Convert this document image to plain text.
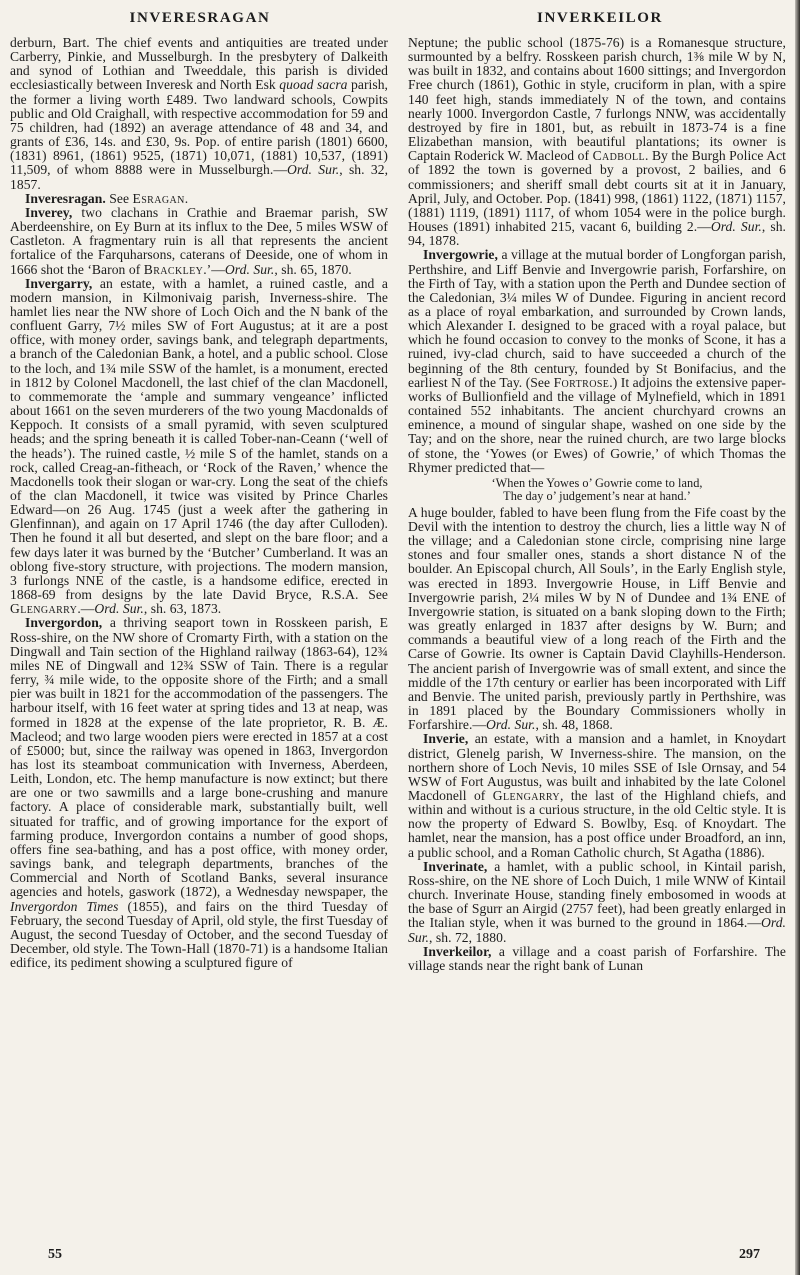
INVERESRAGAN	INVERKEILOR

derburn, Bart. The chief events and antiquities are treated under Carberry, Pinkie, and Musselburgh. In the presbytery of Dalkeith and synod of Lothian and Tweeddale, this parish is divided ecclesiastically between Inveresk and North Esk quoad sacra parish, the former a living worth £489. Two landward schools, Cowpits public and Old Craighall, with respective accommodation for 59 and 75 children, had (1892) an average attendance of 48 and 34, and grants of £36, 14s. and £30, 9s. Pop. of entire parish (1801) 6600, (1831) 8961, (1861) 9525, (1871) 10,071, (1881) 10,537, (1891) 11,509, of whom 8888 were in Musselburgh.—Ord. Sur., sh. 32, 1857.

Inveresragan. See Esragan.

Inverey, two clachans in Crathie and Braemar parish, SW Aberdeenshire, on Ey Burn at its influx to the Dee, 5 miles WSW of Castleton. A fragmentary ruin is all that represents the ancient fortalice of the Farquharsons, caterans of Deeside, one of whom in 1666 shot the ‘Baron of Brackley.’—Ord. Sur., sh. 65, 1870.

Invergarry, an estate, with a hamlet, a ruined castle, and a modern mansion, in Kilmonivaig parish, Inverness-shire. The hamlet lies near the NW shore of Loch Oich and the N bank of the confluent Garry, 7½ miles SW of Fort Augustus; at it are a post office, with money order, savings bank, and telegraph departments, a branch of the Caledonian Bank, a hotel, and a public school. Close to the loch, and 1¾ mile SSW of the hamlet, is a monument, erected in 1812 by Colonel Macdonell, the last chief of the clan Macdonell, to commemorate the ‘ample and summary vengeance’ inflicted about 1661 on the seven murderers of the two young Macdonalds of Keppoch. It consists of a small pyramid, with seven sculptured heads; and the spring beneath it is called Tober-nan-Ceann (‘well of the heads’). The ruined castle, ½ mile S of the hamlet, stands on a rock, called Creag-an-fitheach, or ‘Rock of the Raven,’ whence the Macdonells took their slogan or war-cry. Long the seat of the chiefs of the clan Macdonell, it twice was visited by Prince Charles Edward—on 26 Aug. 1745 (just a week after the gathering in Glenfinnan), and again on 17 April 1746 (the day after Culloden). Then he found it all but deserted, and slept on the bare floor; and a few days later it was burned by the ‘Butcher’ Cumberland. It was an oblong five-story structure, with projections. The modern mansion, 3 furlongs NNE of the castle, is a handsome edifice, erected in 1868-69 from designs by the late David Bryce, R.S.A. See Glengarry.—Ord. Sur., sh. 63, 1873.

Invergordon, a thriving seaport town in Rosskeen parish, E Ross-shire, on the NW shore of Cromarty Firth, with a station on the Dingwall and Tain section of the Highland railway (1863-64), 12¾ miles NE of Dingwall and 12¾ SSW of Tain. There is a regular ferry, ¾ mile wide, to the opposite shore of the Firth; and a small pier was built in 1821 for the accommodation of the passengers. The harbour itself, with 16 feet water at spring tides and 13 at neap, was formed in 1828 at the expense of the late proprietor, R. B. Æ. Macleod; and two large wooden piers were erected in 1857 at a cost of £5000; but, since the railway was opened in 1863, Invergordon has lost its steamboat communication with Inverness, Aberdeen, Leith, London, etc. The hemp manufacture is now extinct; but there are one or two sawmills and a large bone-crushing and manure factory. A place of considerable mark, substantially built, well situated for traffic, and of growing importance for the export of farming produce, Invergordon contains a number of good shops, offers fine sea-bathing, and has a post office, with money order, savings bank, and telegraph departments, branches of the Commercial and North of Scotland Banks, several insurance agencies and hotels, gaswork (1872), a Wednesday newspaper, the Invergordon Times (1855), and fairs on the third Tuesday of February, the second Tuesday of April, old style, the first Tuesday of August, the second Tuesday of October, and the second Tuesday of December, old style. The Town-Hall (1870-71) is a handsome Italian edifice, its pediment showing a sculptured figure of

Neptune; the public school (1875-76) is a Romanesque structure, surmounted by a belfry. Rosskeen parish church, 1⅜ mile W by N, was built in 1832, and contains about 1600 sittings; and Invergordon Free church (1861), Gothic in style, cruciform in plan, with a spire 140 feet high, stands immediately N of the town, and contains nearly 1000. Invergordon Castle, 7 furlongs NNW, was accidentally destroyed by fire in 1801, but, as rebuilt in 1873-74 is a fine Elizabethan mansion, with beautiful plantations; its owner is Captain Roderick W. Macleod of Cadboll. By the Burgh Police Act of 1892 the town is governed by a provost, 2 bailies, and 6 commissioners; and sheriff small debt courts sit at it in January, April, July, and October. Pop. (1841) 998, (1861) 1122, (1871) 1157, (1881) 1119, (1891) 1117, of whom 1054 were in the police burgh. Houses (1891) inhabited 215, vacant 6, building 2.—Ord. Sur., sh. 94, 1878.

Invergowrie, a village at the mutual border of Longforgan parish, Perthshire, and Liff Benvie and Invergowrie parish, Forfarshire, on the Firth of Tay, with a station upon the Perth and Dundee section of the Caledonian, 3¼ miles W of Dundee. Figuring in ancient record as a place of royal embarkation, and surrounded by Crown lands, which Alexander I. designed to be graced with a royal palace, but which he found occasion to convey to the monks of Scone, it has a ruined, ivy-clad church, said to have succeeded a church of the beginning of the 8th century, founded by St Bonifacius, and the earliest N of the Tay. (See Fortrose.) It adjoins the extensive paper-works of Bullionfield and the village of Mylnefield, which in 1891 contained 552 inhabitants. The ancient churchyard crowns an eminence, a mound of singular shape, washed on one side by the Tay; and on the shore, near the ruined church, are two large blocks of stone, the ‘Yowes (or Ewes) of Gowrie,’ of which Thomas the Rhymer predicted that—

‘When the Yowes o’ Gowrie come to land,
The day o’ judgement’s near at hand.’

A huge boulder, fabled to have been flung from the Fife coast by the Devil with the intention to destroy the church, lies a little way N of the village; and a Caledonian stone circle, comprising nine large stones and four smaller ones, stands a short distance N of the boulder. An Episcopal church, All Souls’, in the Early English style, was erected in 1893. Invergowrie House, in Liff Benvie and Invergowrie parish, 2¼ miles W by N of Dundee and 1¾ ENE of Invergowrie station, is situated on a bank sloping down to the Firth; was greatly enlarged in 1837 after designs by W. Burn; and commands a beautiful view of a long reach of the Firth and the Carse of Gowrie. Its owner is Captain David Clayhills-Henderson. The ancient parish of Invergowrie was of small extent, and since the middle of the 17th century or earlier has been incorporated with Liff and Benvie. The united parish, previously partly in Perthshire, was in 1891 placed by the Boundary Commissioners wholly in Forfarshire.—Ord. Sur., sh. 48, 1868.

Inverie, an estate, with a mansion and a hamlet, in Knoydart district, Glenelg parish, W Inverness-shire. The mansion, on the northern shore of Loch Nevis, 10 miles SSE of Isle Ornsay, and 54 WSW of Fort Augustus, was built and inhabited by the late Colonel Macdonell of Glengarry, the last of the Highland chiefs, and within and without is a curious structure, in the old Celtic style. It is now the property of Edward S. Bowlby, Esq. of Knoydart. The hamlet, near the mansion, has a post office under Broadford, an inn, a public school, and a Roman Catholic church, St Agatha (1886).

Inverinate, a hamlet, with a public school, in Kintail parish, Ross-shire, on the NE shore of Loch Duich, 1 mile WNW of Kintail church. Inverinate House, standing finely embosomed in woods at the base of Sgurr an Airgid (2757 feet), had been greatly enlarged in the Italian style, when it was burned to the ground in 1864.—Ord. Sur., sh. 72, 1880.

Inverkeilor, a village and a coast parish of Forfarshire. The village stands near the right bank of Lunan

55	297
